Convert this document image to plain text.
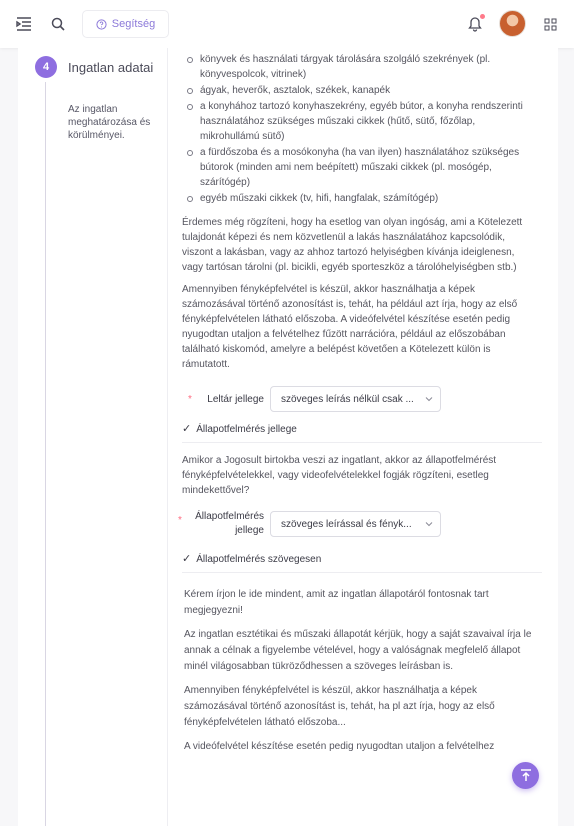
Segítség
4	Ingatlan adatai
Az ingatlan meghatározása és körülményei.
könyvek és használati tárgyak tárolására szolgáló szekrények (pl. könyvespolcok, vitrinek)
ágyak, heverők, asztalok, székek, kanapék
a konyhához tartozó konyhaszekrény, egyéb bútor, a konyha rendszerinti használatához szükséges műszaki cikkek (hűtő, sütő, főzőlap, mikrohullámú sütő)
a fürdőszoba és a mosókonyha (ha van ilyen) használatához szükséges bútorok (minden ami nem beépített) műszaki cikkek (pl. mosógép, szárítógép)
egyéb műszaki cikkek (tv, hifi, hangfalak, számítógép)

Érdemes még rögzíteni, hogy ha esetlog van olyan ingóság, ami a Kötelezett tulajdonát képezi és nem közvetlenül a lakás használatához kapcsolódik, viszont a lakásban, vagy az ahhoz tartozó helyiségben kívánja ideiglenesn, vagy tartósan tárolni (pl. bicikli, egyéb sporteszköz a tárolóhelyiségben stb.)

Amennyiben fényképfelvétel is készül, akkor használhatja a képek számozásával történő azonosítást is, tehát, ha például azt írja, hogy az első fényképfelvételen látható előszoba. A videófelvétel készítése esetén pedig nyugodtan utaljon a felvételhez fűzött narrációra, például az előszobában található kiskomód, amelyre a belépést követően a Kötelezett külön is rámutatott.

* Leltár jellege	szöveges leírás nélkül csak ...
✓ Állapotfelmérés jellege

Amikor a Jogosult birtokba veszi az ingatlant, akkor az állapotfelmérést fényképfelvételekkel, vagy videofelvételekkel fogják rögzíteni, esetleg mindekettővel?

* Állapotfelmérés jellege
szöveges leírással és fényk...
✓ Állapotfelmérés szövegesen

Kérem írjon le ide mindent, amit az ingatlan állapotáról fontosnak tart megjegyezni!

Az ingatlan esztétikai és műszaki állapotát kérjük, hogy a saját szavaival írja le annak a célnak a figyelembe vételével, hogy a valóságnak megfelelő állapot minél világosabban tükröződhessen a szöveges leírásban is.

Amennyiben fényképfelvétel is készül, akkor használhatja a képek számozásával történő azonosítást is, tehát, ha pl azt írja, hogy az első fényképfelvételen látható előszoba...

A videófelvétel készítése esetén pedig nyugodtan utaljon a felvételhez
